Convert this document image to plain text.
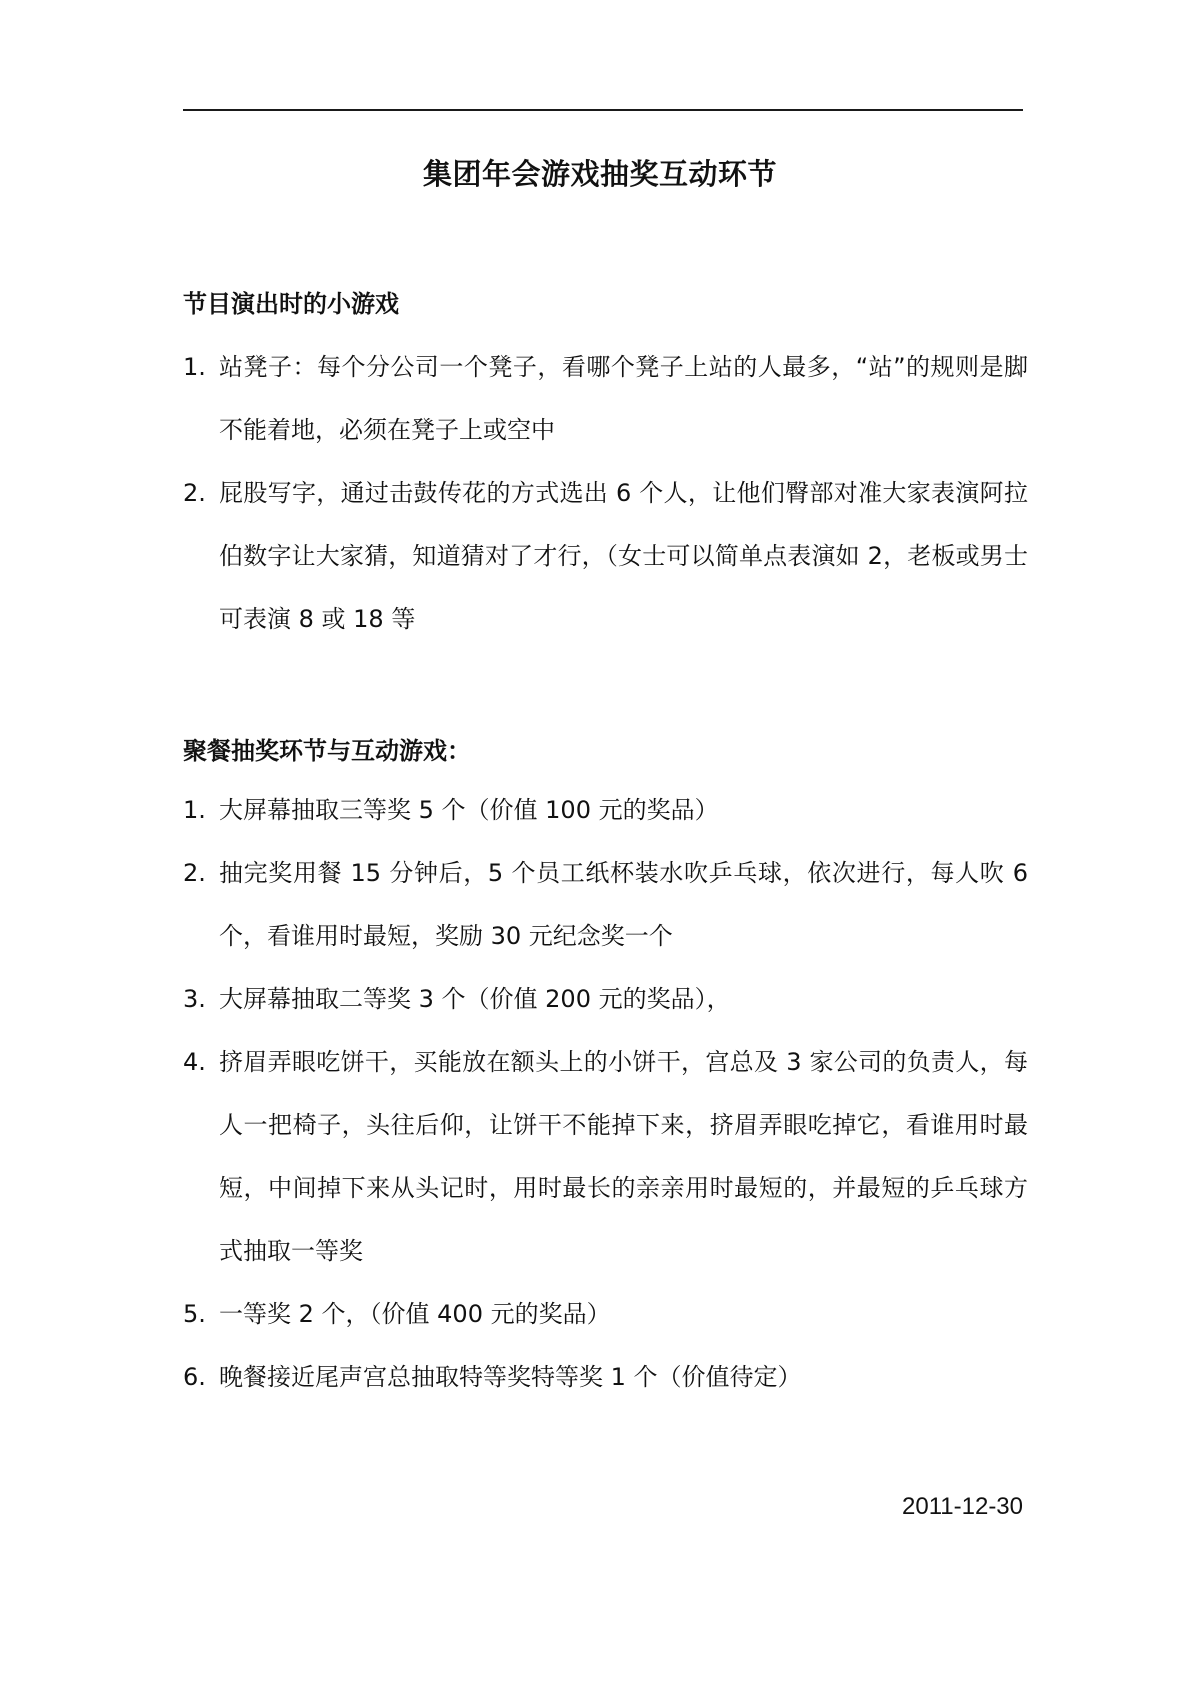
集团年会游戏抽奖互动环节
节目演出时的小游戏
1. 站凳子：每个分公司一个凳子，看哪个凳子上站的人最多，“站”的规则是脚不能着地，必须在凳子上或空中
2. 屁股写字，通过击鼓传花的方式选出 6 个人，让他们臀部对准大家表演阿拉伯数字让大家猜，知道猜对了才行，（女士可以简单点表演如 2，老板或男士可表演 8 或 18 等
聚餐抽奖环节与互动游戏：
1. 大屏幕抽取三等奖 5 个（价值 100 元的奖品）
2. 抽完奖用餐 15 分钟后，5 个员工纸杯装水吹乒乓球，依次进行，每人吹 6 个，看谁用时最短，奖励 30 元纪念奖一个
3. 大屏幕抽取二等奖 3 个（价值 200 元的奖品），
4. 挤眉弄眼吃饼干，买能放在额头上的小饼干，宫总及 3 家公司的负责人，每人一把椅子，头往后仰，让饼干不能掉下来，挤眉弄眼吃掉它，看谁用时最短，中间掉下来从头记时，用时最长的亲亲用时最短的，并最短的乒乓球方式抽取一等奖
5. 一等奖 2 个，（价值 400 元的奖品）
6. 晚餐接近尾声宫总抽取特等奖特等奖 1 个（价值待定）
2011-12-30
